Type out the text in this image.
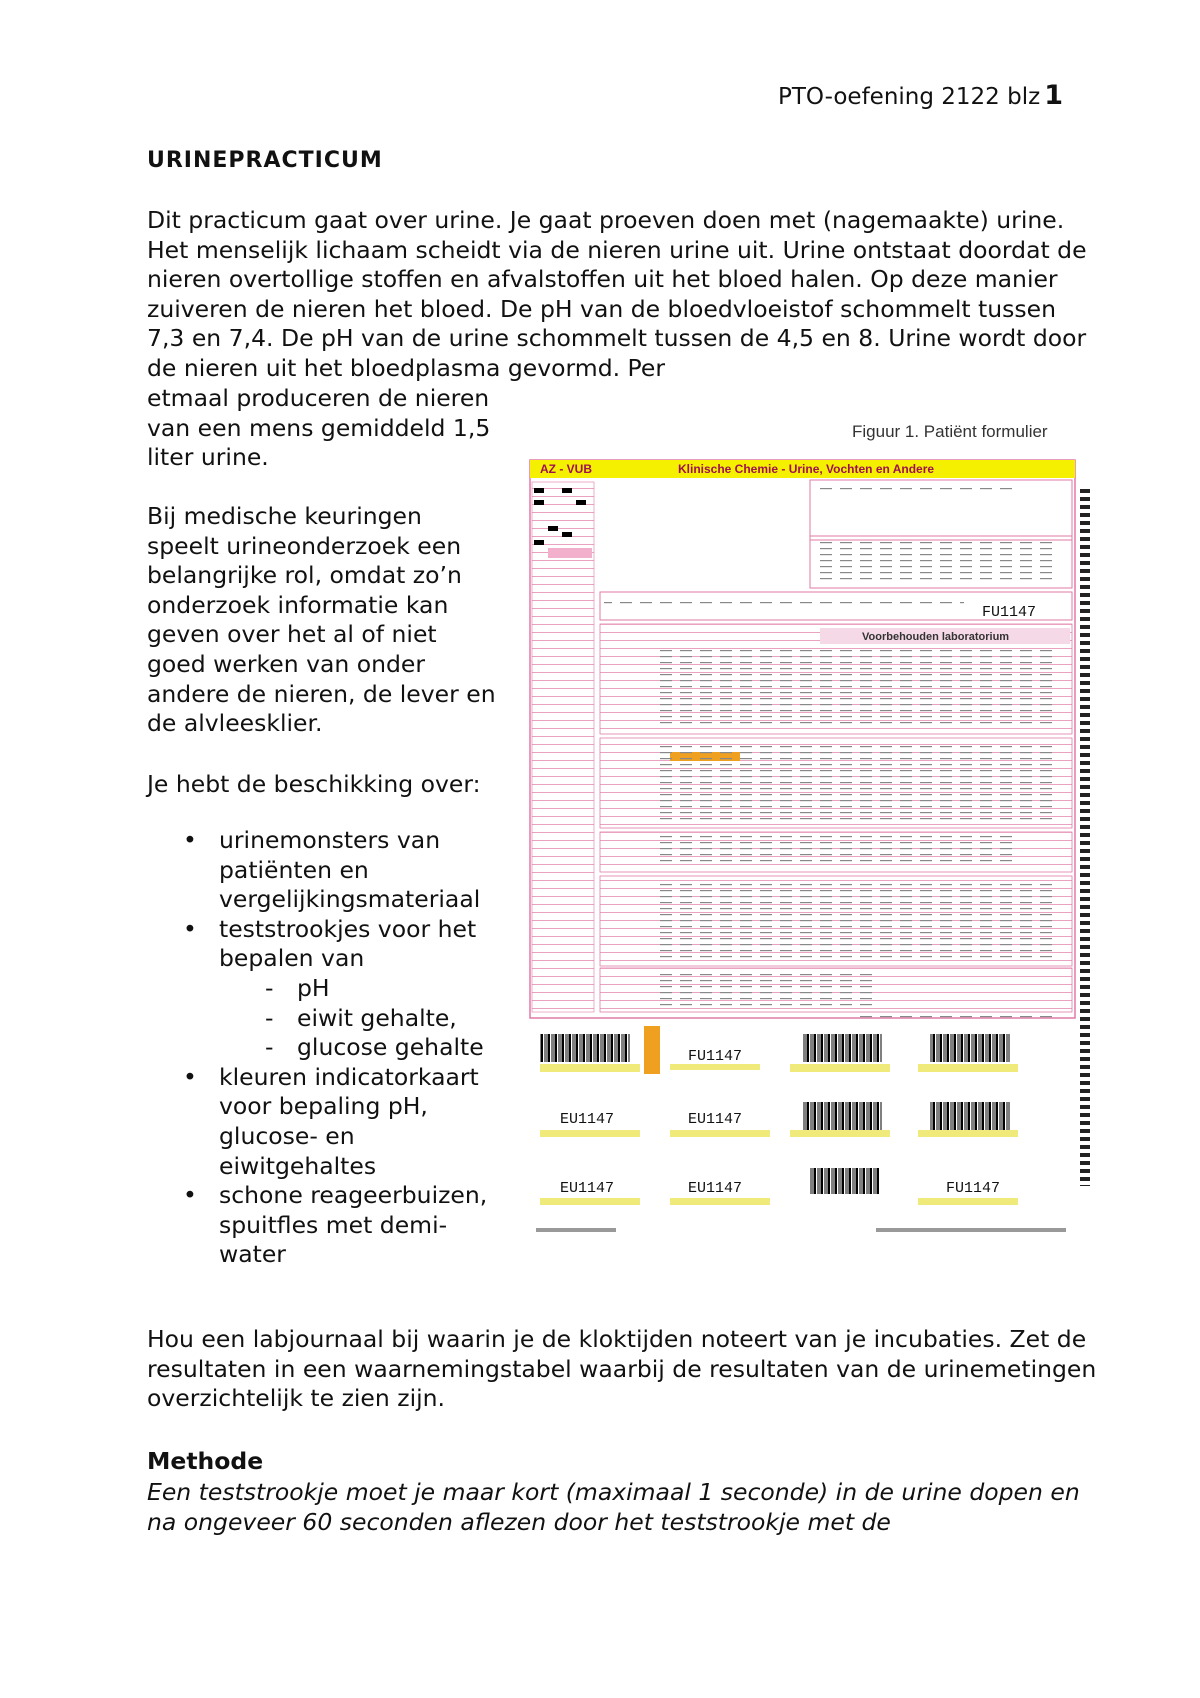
PTO-oefening 2122 blz 1
URINEPRACTICUM

Dit practicum gaat over urine. Je gaat proeven doen met (nagemaakte) urine. Het menselijk lichaam scheidt via de nieren urine uit. Urine ontstaat doordat de nieren overtollige stoffen en afvalstoffen uit het bloed halen. Op deze manier zuiveren de nieren het bloed. De pH van de bloedvloeistof schommelt tussen 7,3 en 7,4. De pH van de urine schommelt tussen de 4,5 en 8. Urine wordt door de nieren uit het bloedplasma gevormd. Per

etmaal produceren de nieren van een mens gemiddeld 1,5 liter urine.

Bij medische keuringen speelt urineonderzoek een belangrijke rol, omdat zo’n onderzoek informatie kan geven over het al of niet goed werken van onder andere de nieren, de lever en de alvleesklier.

Je hebt de beschikking over:

• urinemonsters van patiënten en vergelijkingsmateriaal
• teststrookjes voor het bepalen van
- pH
- eiwit gehalte,
- glucose gehalte
• kleuren indicatorkaart voor bepaling pH, glucose- en eiwitgehaltes
• schone reageerbuizen, spuitfles met demi-water

Hou een labjournaal bij waarin je de kloktijden noteert van je incubaties. Zet de resultaten in een waarnemingstabel waarbij de resultaten van de urinemetingen overzichtelijk te zien zijn.

Methode

Een teststrookje moet je maar kort (maximaal 1 seconde) in de urine dopen en na ongeveer 60 seconden aflezen door het teststrookje met de

Figuur 1. Patiënt formulier
AZ - VUB	Klinische Chemie - Urine, Vochten en Andere
FU1147
Voorbehouden laboratorium
FU1147
EU1147	EU1147
EU1147	EU1147	FU1147
